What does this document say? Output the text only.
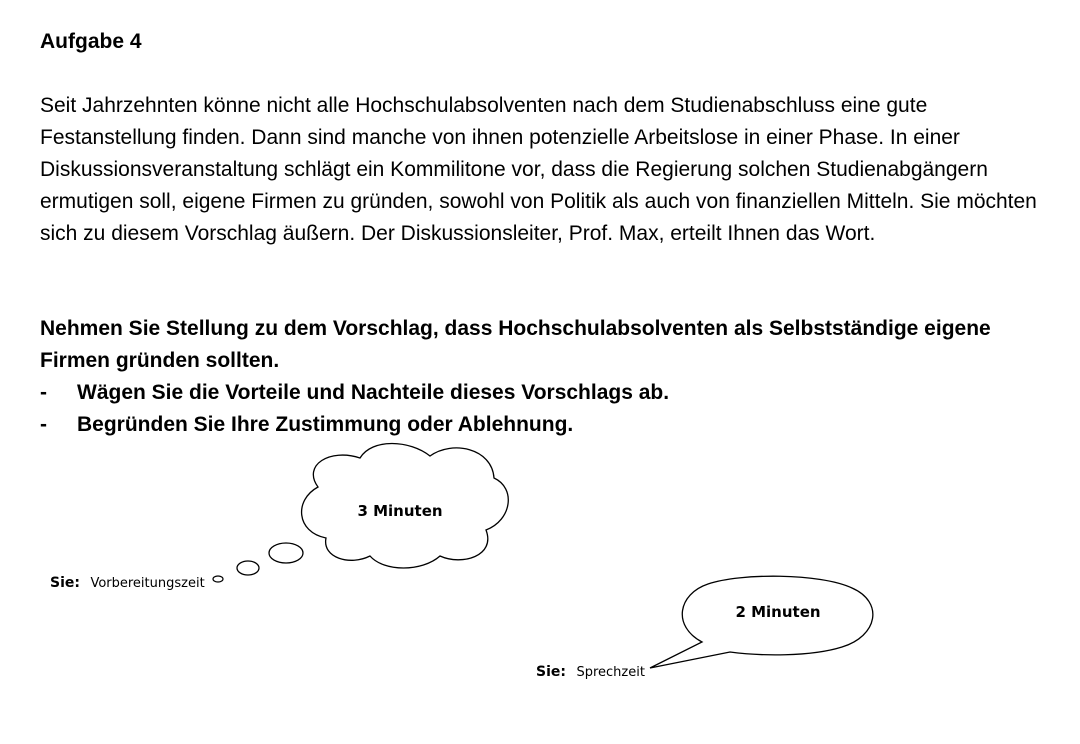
Aufgabe 4
Seit Jahrzehnten könne nicht alle Hochschulabsolventen nach dem Studienabschluss eine gute Festanstellung finden. Dann sind manche von ihnen potenzielle Arbeitslose in einer Phase. In einer Diskussionsveranstaltung schlägt ein Kommilitone vor, dass die Regierung solchen Studienabgängern ermutigen soll, eigene Firmen zu gründen, sowohl von Politik als auch von finanziellen Mitteln. Sie möchten sich zu diesem Vorschlag äußern. Der Diskussionsleiter, Prof. Max, erteilt Ihnen das Wort.

Nehmen Sie Stellung zu dem Vorschlag, dass Hochschulabsolventen als Selbstständige eigene Firmen gründen sollten.

- Wägen Sie die Vorteile und Nachteile dieses Vorschlags ab.
- Begründen Sie Ihre Zustimmung oder Ablehnung.
3 Minuten
2 Minuten
Sie: Vorbereitungszeit
Sie: Sprechzeit
